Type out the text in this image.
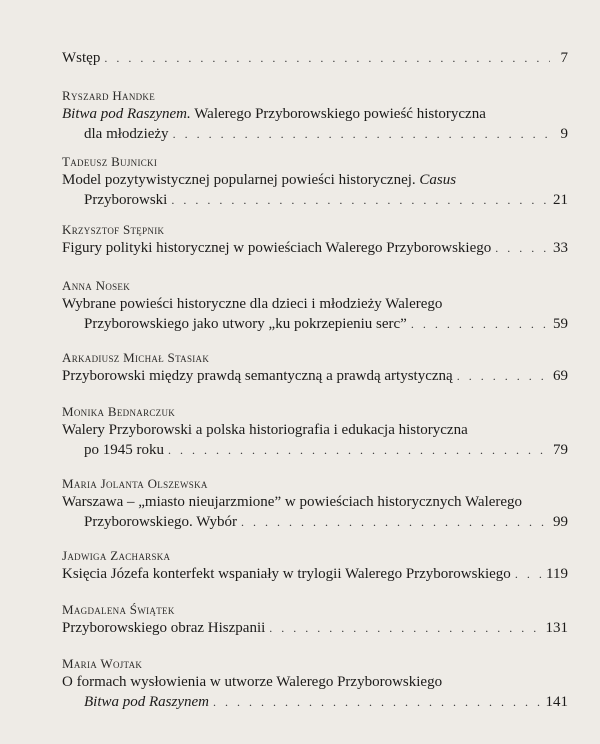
Wstęp . . .	7
Ryszard Handke
Bitwa pod Raszynem. Walerego Przyborowskiego powieść historyczna
dla młodzieży . . .	9
Tadeusz Bujnicki
Model pozytywistycznej popularnej powieści historycznej. Casus
Przyborowski . . .	21
Krzysztof Stępnik
Figury polityki historycznej w powieściach Walerego Przyborowskiego . . .	33
Anna Nosek
Wybrane powieści historyczne dla dzieci i młodzieży Walerego
Przyborowskiego jako utwory „ku pokrzepieniu serc” . . .	59
Arkadiusz Michał Stasiak
Przyborowski między prawdą semantyczną a prawdą artystyczną . . .	69
Monika Bednarczuk
Walery Przyborowski a polska historiografia i edukacja historyczna
po 1945 roku . . .	79
Maria Jolanta Olszewska
Warszawa – „miasto nieujarzmione” w powieściach historycznych Walerego
Przyborowskiego. Wybór . . .	99
Jadwiga Zacharska
Księcia Józefa konterfekt wspaniały w trylogii Walerego Przyborowskiego . . . 119
Magdalena Świątek
Przyborowskiego obraz Hiszpanii . . .	131
Maria Wojtak
O formach wysłowienia w utworze Walerego Przyborowskiego
Bitwa pod Raszynem . . .	141
